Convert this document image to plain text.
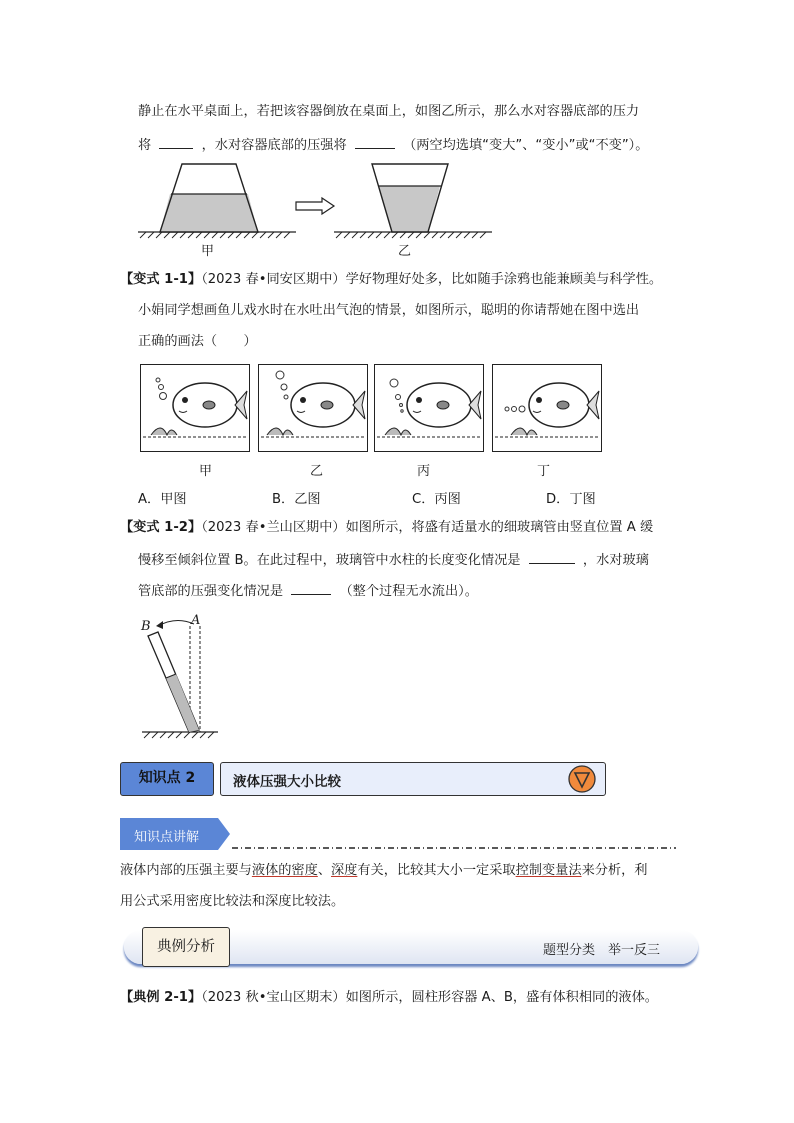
静止在水平桌面上，若把该容器倒放在桌面上，如图乙所示，那么水对容器底部的压力
将	，水对容器底部的压强将	（两空均选填“变大”、“变小”或“不变”）。
甲	乙
【变式 1-1】（2023 春•同安区期中）学好物理好处多，比如随手涂鸦也能兼顾美与科学性。
小娟同学想画鱼儿戏水时在水吐出气泡的情景，如图所示，聪明的你请帮她在图中选出
正确的画法（　　）
甲	乙	丙	丁
A．甲图	B．乙图	C．丙图	D．丁图
【变式 1-2】（2023 春•兰山区期中）如图所示，将盛有适量水的细玻璃管由竖直位置 A 缓
慢移至倾斜位置 B。在此过程中，玻璃管中水柱的长度变化情况是	，水对玻璃
管底部的压强变化情况是	（整个过程无水流出）。
B	A
知识点 2	液体压强大小比较
知识点讲解
液体内部的压强主要与液体的密度、深度有关，比较其大小一定采取控制变量法来分析，利
用公式采用密度比较法和深度比较法。
题型分类　举一反三
典例分析
【典例 2-1】（2023 秋•宝山区期末）如图所示，圆柱形容器 A、B，盛有体积相同的液体。
